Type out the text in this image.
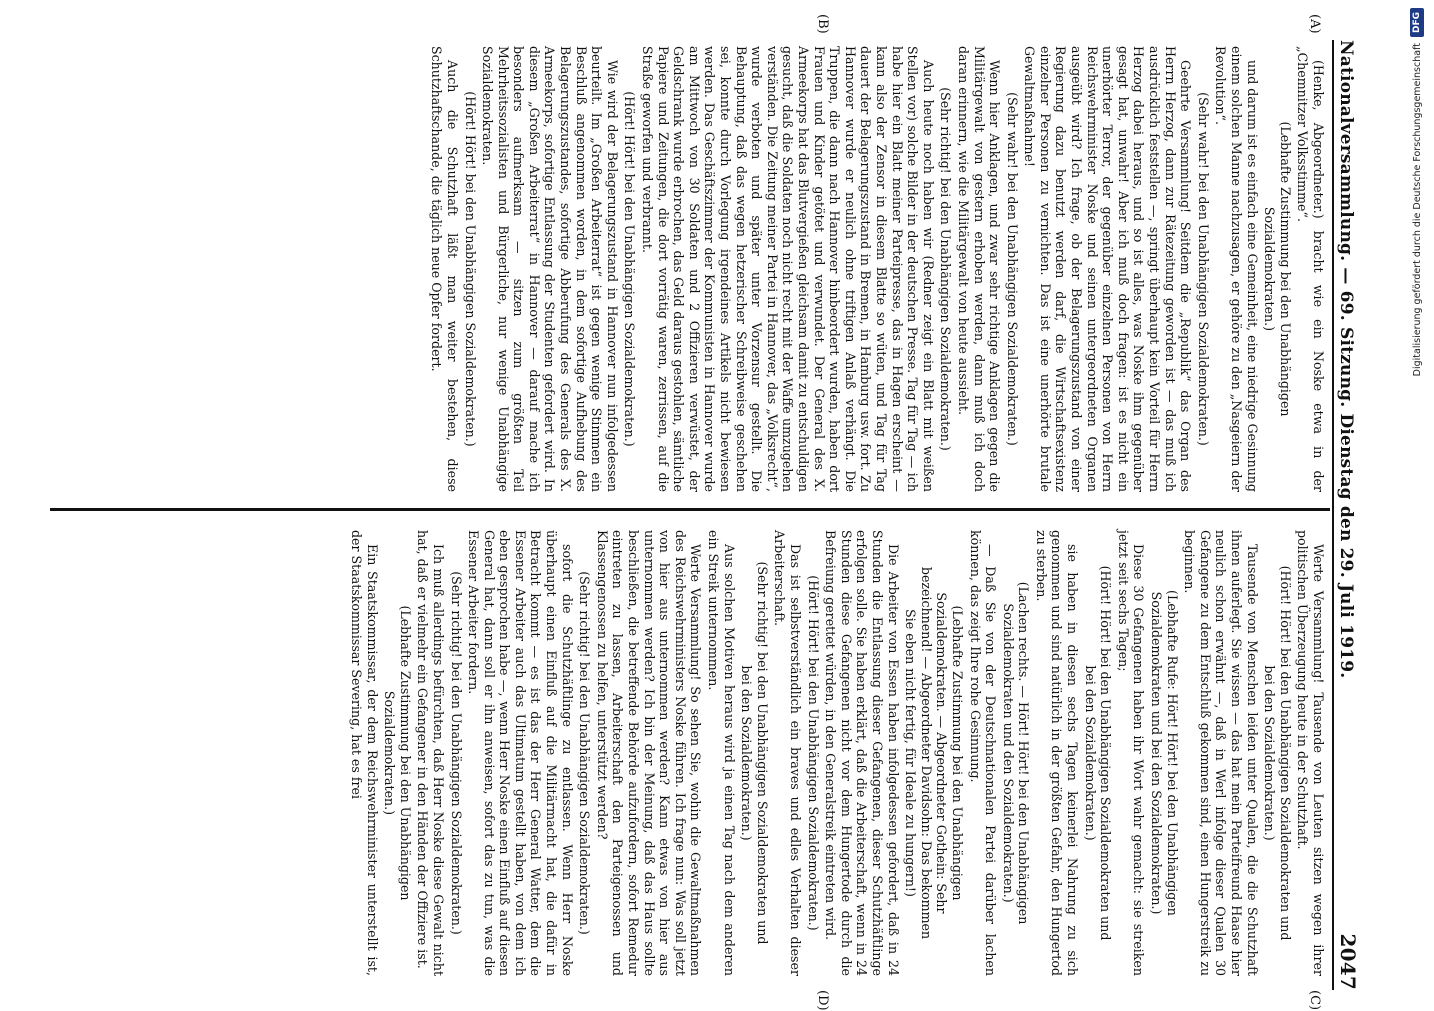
Nationalversammlung. — 69. Sitzung. Dienstag den 29. Juli 1919.
2047
(A)
(B)
(C)
(D)

(Henke, Abgeordneter.) bracht wie ein Noske etwa in der „Chemnitzer Volksstimme“.

(Lebhafte Zustimmung bei den Unabhängigen Sozialdemokraten.)

und darum ist es einfach eine Gemeinheit, eine niedrige Gesinnung einem solchen Manne nachzusagen, er gehöre zu den „Nasgeiern der Revolution“.

(Sehr wahr! bei den Unabhängigen Sozialdemokraten.)

Geehrte Versammlung! Seitdem die „Republik“ das Organ des Herrn Herzog, dann zur Rätezeitung geworden ist — das muß ich ausdrücklich feststellen —, springt überhaupt kein Vorteil für Herrn Herzog dabei heraus, und so ist alles, was Noske ihm gegenüber gesagt hat, unwahr! Aber ich muß doch fragen: ist es nicht ein unerhörter Terror, der gegenüber einzelnen Personen von Herrn Reichswehrminister Noske und seinen untergeordneten Organen ausgeübt wird? Ich frage, ob der Belagerungszustand von einer Regierung dazu benutzt werden darf, die Wirtschaftsexistenz einzelner Personen zu vernichten. Das ist eine unerhörte brutale Gewaltmaßnahme!

(Sehr wahr! bei den Unabhängigen Sozialdemokraten.)

Wenn hier Anklagen, und zwar sehr richtige Anklagen gegen die Militärgewalt von gestern erhoben werden, dann muß ich doch daran erinnern, wie die Militärgewalt von heute aussieht.

(Sehr richtig! bei den Unabhängigen Sozialdemokraten.)

Auch heute noch haben wir (Redner zeigt ein Blatt mit weißen Stellen vor) solche Bilder in der deutschen Presse. Tag für Tag — ich habe hier ein Blatt meiner Parteipresse, das in Hagen erscheint — kann also der Zensor in diesem Blatte so wüten, und Tag für Tag dauert der Belagerungszustand in Bremen, in Hamburg usw. fort. Zu Hannover wurde er neulich ohne triftigen Anlaß verhängt. Die Truppen, die dann nach Hannover hinbeordert wurden, haben dort Frauen und Kinder getötet und verwundet. Der General des X. Armeekorps hat das Blutvergießen gleichsam damit zu entschuldigen gesucht, daß die Soldaten noch nicht recht mit der Waffe umzugehen verständen. Die Zeitung meiner Partei in Hannover, das „Volksrecht“, wurde verboten und später unter Vorzensur gestellt. Die Behauptung, daß das wegen hetzerischer Schreibweise geschehen sei, konnte durch Vorlegung irgendeines Artikels nicht bewiesen werden. Das Geschäftszimmer der Kommunisten in Hannover wurde am Mittwoch von 30 Soldaten und 2 Offizieren verwüstet, der Geldschrank wurde erbrochen, das Geld daraus gestohlen, sämtliche Papiere und Zeitungen, die dort vorrätig waren, zerrissen, auf die Straße geworfen und verbrannt.

(Hört! Hört! bei den Unabhängigen Sozialdemokraten.)

Wie wird der Belagerungszustand in Hannover nun infolgedessen beurteilt. Im „Großen Arbeiterrat“ ist gegen wenige Stimmen ein Beschluß angenommen worden, in dem sofortige Aufhebung des Belagerungszustandes, sofortige Abberufung des Generals des X. Armeekorps, sofortige Entlassung der Studenten gefordert wird. In diesem „Großen Arbeiterrat“ in Hannover — darauf mache ich besonders aufmerksam — sitzen zum größten Teil Mehrheitssozialisten und Bürgerliche, nur wenige Unabhängige Sozialdemokraten.

(Hört! Hört! bei den Unabhängigen Sozialdemokraten.)

Auch die Schutzhaft läßt man weiter bestehen, diese Schutzhaftschande, die täglich neue Opfer fordert.

Werte Versammlung! Tausende von Leuten sitzen wegen ihrer politischen Überzeugung heute in der Schutzhaft.

(Hört! Hört! bei den Unabhängigen Sozialdemokraten und bei den Sozialdemokraten.)

Tausende von Menschen leiden unter Qualen, die die Schutzhaft ihnen auferlegt. Sie wissen — das hat mein Parteifreund Haase hier neulich schon erwähnt —, daß in Werl infolge dieser Qualen 30 Gefangene zu dem Entschluß gekommen sind, einen Hungerstreik zu beginnen.

(Lebhafte Rufe: Hört! Hört! bei den Unabhängigen Sozialdemokraten und bei den Sozialdemokraten.)

Diese 30 Gefangenen haben ihr Wort wahr gemacht: sie streiken jetzt seit sechs Tagen;

(Hört! Hört! bei den Unabhängigen Sozialdemokraten und bei den Sozialdemokraten.)

sie haben in diesen sechs Tagen keinerlei Nahrung zu sich genommen und sind natürlich in der größten Gefahr, den Hungertod zu sterben.

(Lachen rechts. — Hört! Hört! bei den Unabhängigen Sozialdemokraten und den Sozialdemokraten.)

— Daß Sie von der Deutschnationalen Partei darüber lachen können, das zeigt Ihre rohe Gesinnung.

(Lebhafte Zustimmung bei den Unabhängigen Sozialdemokraten. — Abgeordneter Gothein: Sehr bezeichnend! — Abgeordneter Davidsohn: Das bekommen Sie eben nicht fertig, für Ideale zu hungern!)

Die Arbeiter von Essen haben infolgedessen gefordert, daß in 24 Stunden die Entlassung dieser Gefangenen, dieser Schutzhäftlinge erfolgen solle. Sie haben erklärt, daß die Arbeiterschaft, wenn in 24 Stunden diese Gefangenen nicht vor dem Hungertode durch die Befreiung gerettet würden, in den Generalstreik eintreten wird.

(Hört! Hört! bei den Unabhängigen Sozialdemokraten.)

Das ist selbstverständlich ein braves und edles Verhalten dieser Arbeiterschaft.

(Sehr richtig! bei den Unabhängigen Sozialdemokraten und bei den Sozialdemokraten.)

Aus solchen Motiven heraus wird ja einen Tag nach dem anderen ein Streik unternommen.

Werte Versammlung! So sehen Sie, wohin die Gewaltmaßnahmen des Reichswehrministers Noske führen. Ich frage nun: Was soll jetzt von hier aus unternommen werden? Kann etwas von hier aus unternommen werden? Ich bin der Meinung, daß das Haus sollte beschließen, die betreffende Behörde aufzufordern, sofort Remedur eintreten zu lassen, Arbeiterschaft den Parteigenossen und Klassengenossen zu helfen, unterstützt werden?

(Sehr richtig! bei den Unabhängigen Sozialdemokraten.)

sofort die Schutzhäftlinge zu entlassen. Wenn Herr Noske überhaupt einen Einfluß auf die Militärmacht hat, die dafür in Betracht kommt — es ist das der Herr General Watter, dem die Essener Arbeiter auch das Ultimatum gestellt haben, von dem ich eben gesprochen habe —, wenn Herr Noske einen Einfluß auf diesen General hat, dann soll er ihn anweisen, sofort das zu tun, was die Essener Arbeiter fordern.

(Sehr richtig! bei den Unabhängigen Sozialdemokraten.)

Ich muß allerdings befürchten, daß Herr Noske diese Gewalt nicht hat, daß er vielmehr ein Gefangener in den Händen der Offiziere ist.

(Lebhafte Zustimmung bei den Unabhängigen Sozialdemokraten.)

Ein Staatskommissar, der dem Reichswehrminister unterstellt ist, der Staatskommissar Severing, hat es frei

Digitalisierung gefördert durch die Deutsche Forschungsgemeinschaft
DFG
